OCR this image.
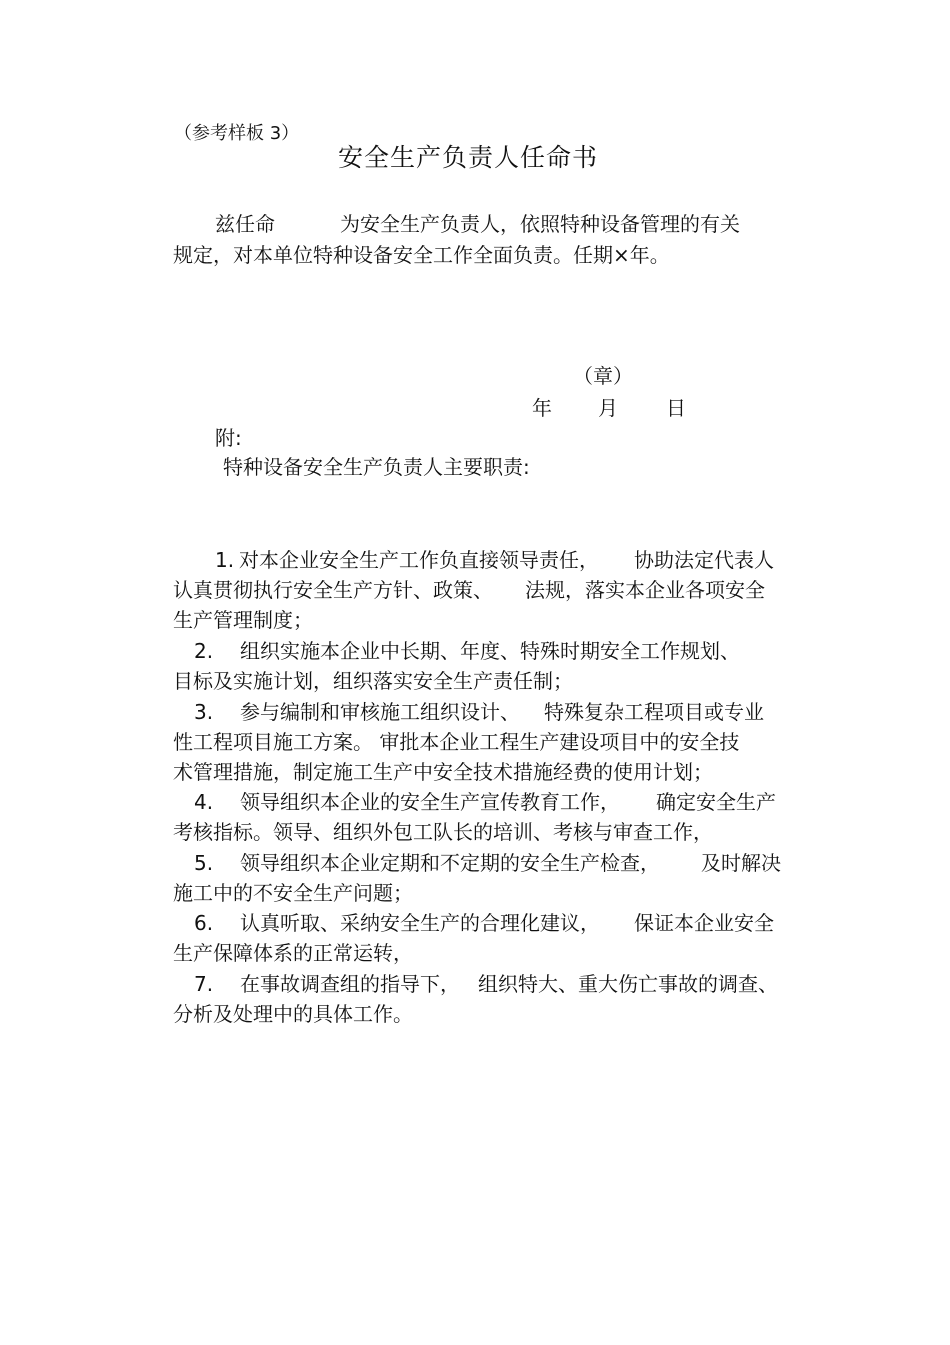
（参考样板 3）
安全生产负责人任命书
兹任命	为安全生产负责人，依照特种设备管理的有关
规定，对本单位特种设备安全工作全面负责。任期×年。
（章）
年 月 日
附:
特种设备安全生产负责人主要职责:
1. 对本企业安全生产工作负直接领导责任， 协助法定代表人
认真贯彻执行安全生产方针、政策、 法规，落实本企业各项安全
生产管理制度；
2. 组织实施本企业中长期、年度、特殊时期安全工作规划、
目标及实施计划，组织落实安全生产责任制；
3. 参与编制和审核施工组织设计、 特殊复杂工程项目或专业
性工程项目施工方案。 审批本企业工程生产建设项目中的安全技
术管理措施，制定施工生产中安全技术措施经费的使用计划；
4. 领导组织本企业的安全生产宣传教育工作， 确定安全生产
考核指标。领导、组织外包工队长的培训、考核与审查工作，
5. 领导组织本企业定期和不定期的安全生产检查， 及时解决
施工中的不安全生产问题；
6. 认真听取、采纳安全生产的合理化建议， 保证本企业安全
生产保障体系的正常运转，
7. 在事故调查组的指导下， 组织特大、重大伤亡事故的调查、
分析及处理中的具体工作。
